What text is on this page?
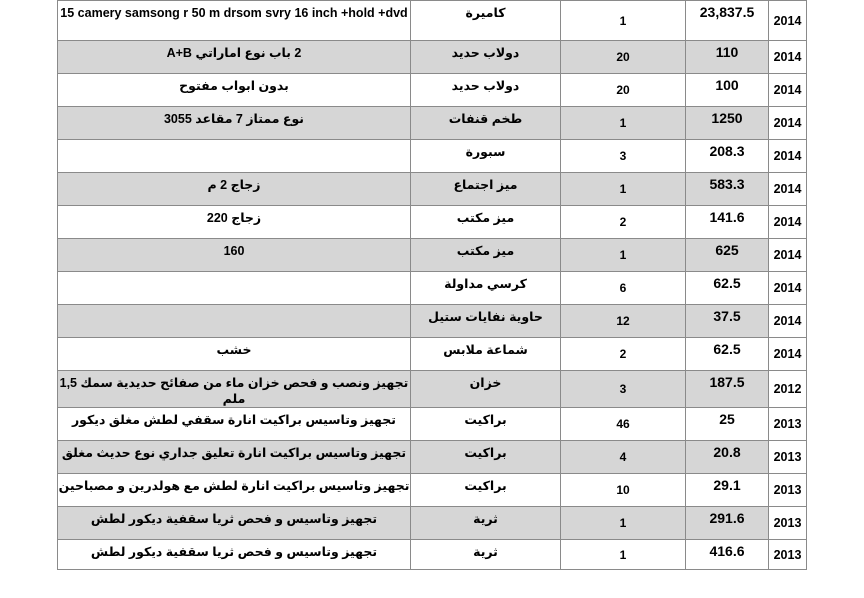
15 camery samsong r 50 m drsom svry 16 inch +hold +dvd	كاميرة	1	23,837.5	2014
2 باب نوع اماراتي A+B	دولاب حديد	20	110	2014
بدون ابواب مفتوح	دولاب حديد	20	100	2014
نوع ممتاز 7 مقاعد 3055	طخم قنفات	1	1250	2014
	سبورة	3	208.3	2014
زجاج 2 م	ميز اجتماع	1	583.3	2014
زجاج 220	ميز مكتب	2	141.6	2014
160	ميز مكتب	1	625	2014
	كرسي مداولة	6	62.5	2014
	حاوية نفايات ستيل	12	37.5	2014
خشب	شماعة ملابس	2	62.5	2014
تجهيز ونصب و فحص خزان ماء من صفائح حديدية سمك 1,5 ملم	خزان	3	187.5	2012
تجهيز وتاسيس براكيت انارة سقفي لطش مغلق ديكور	براكيت	46	25	2013
تجهيز وتاسيس براكيت انارة تعليق جداري نوع حديث مغلق	براكيت	4	20.8	2013
تجهيز وتاسيس براكيت انارة لطش مع هولدرين و مصباحين	براكيت	10	29.1	2013
تجهيز وتاسيس و فحص ثريا سقفية ديكور لطش	ثرية	1	291.6	2013
تجهيز وتاسيس و فحص ثريا سقفية ديكور لطش	ثرية	1	416.6	2013
